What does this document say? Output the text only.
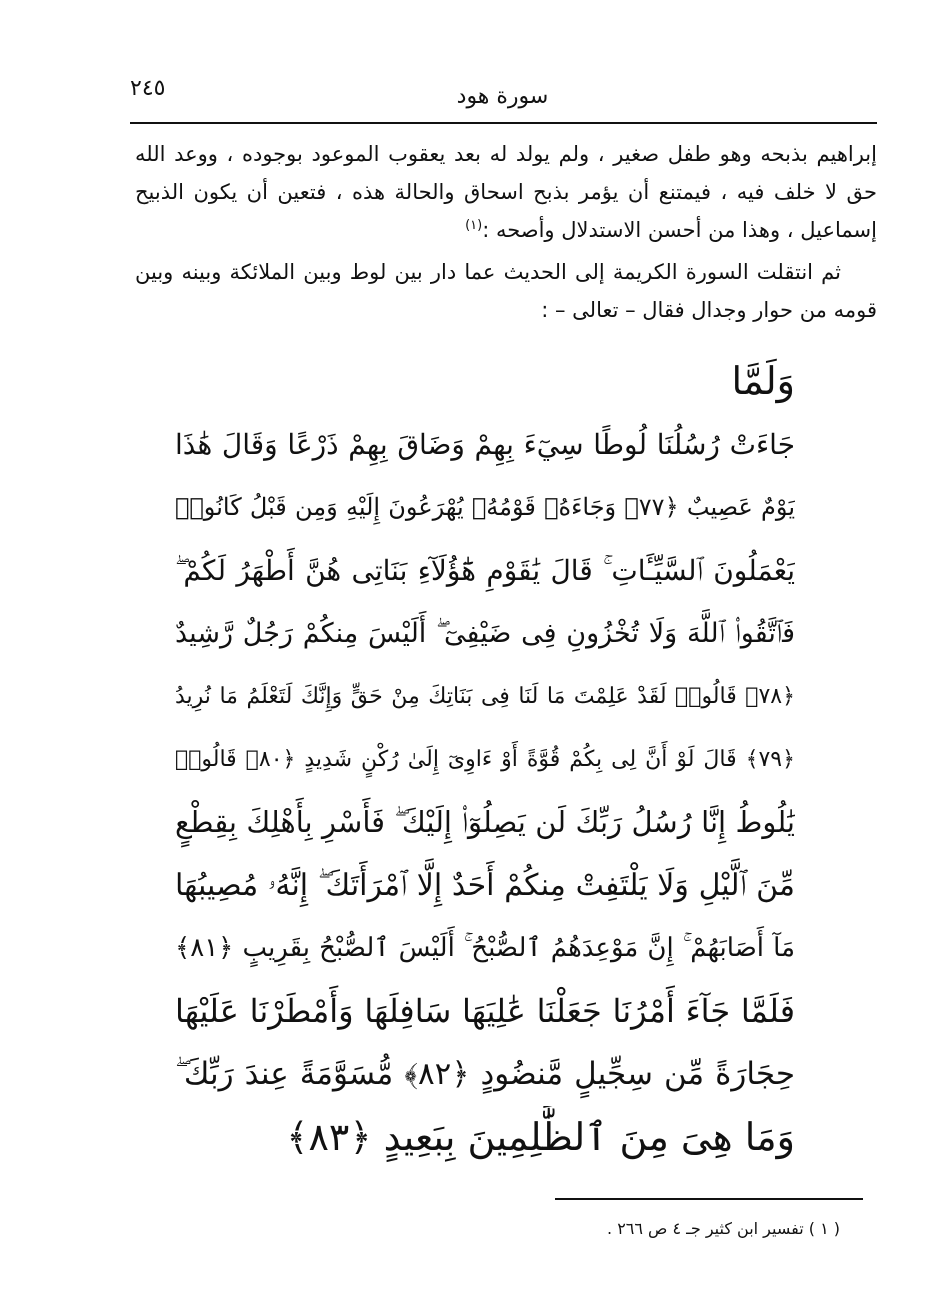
٢٤٥	سورة هود

إبراهيم بذبحه وهو طفل صغير ، ولم يولد له بعد يعقوب الموعود بوجوده ، ووعد الله حق لا خلف فيه ، فيمتنع أن يؤمر بذبح اسحاق والحالة هذه ، فتعين أن يكون الذبيح إسماعيل ، وهذا من أحسن الاستدلال وأصحه :$^{(١)}$

ثم انتقلت السورة الكريمة إلى الحديث عما دار بين لوط وبين الملائكة وبينه وبين قومه من حوار وجدال فقال – تعالى – :

وَلَمَّا
جَاءَتْ رُسُلُنَا لُوطًا سِيٓءَ بِهِمْ وَضَاقَ بِهِمْ ذَرْعًا وَقَالَ هَٰذَا
يَوْمٌ عَصِيبٌ ﴿٧٧﴾ وَجَاءَهُۥ قَوْمُهُۥ يُهْرَعُونَ إِلَيْهِ وَمِن قَبْلُ كَانُوا۟
يَعْمَلُونَ ٱلسَّيِّـَٔاتِ ۚ قَالَ يَٰقَوْمِ هَٰٓؤُلَآءِ بَنَاتِى هُنَّ أَطْهَرُ لَكُمْ ۖ
فَٱتَّقُوا۟ ٱللَّهَ وَلَا تُخْزُونِ فِى ضَيْفِىٓ ۖ أَلَيْسَ مِنكُمْ رَجُلٌ رَّشِيدٌ
﴿٧٨﴾ قَالُوا۟ لَقَدْ عَلِمْتَ مَا لَنَا فِى بَنَاتِكَ مِنْ حَقٍّ وَإِنَّكَ لَتَعْلَمُ مَا نُرِيدُ
﴿٧٩﴾ قَالَ لَوْ أَنَّ لِى بِكُمْ قُوَّةً أَوْ ءَاوِىٓ إِلَىٰ رُكْنٍ شَدِيدٍ ﴿٨٠﴾ قَالُوا۟
يَٰلُوطُ إِنَّا رُسُلُ رَبِّكَ لَن يَصِلُوٓا۟ إِلَيْكَ ۖ فَأَسْرِ بِأَهْلِكَ بِقِطْعٍ
مِّنَ ٱلَّيْلِ وَلَا يَلْتَفِتْ مِنكُمْ أَحَدٌ إِلَّا ٱمْرَأَتَكَ ۖ إِنَّهُۥ مُصِيبُهَا
مَآ أَصَابَهُمْ ۚ إِنَّ مَوْعِدَهُمُ ٱلصُّبْحُ ۚ أَلَيْسَ ٱلصُّبْحُ بِقَرِيبٍ ﴿٨١﴾
فَلَمَّا جَآءَ أَمْرُنَا جَعَلْنَا عَٰلِيَهَا سَافِلَهَا وَأَمْطَرْنَا عَلَيْهَا
حِجَارَةً مِّن سِجِّيلٍ مَّنضُودٍ ﴿٨٢﴾ مُّسَوَّمَةً عِندَ رَبِّكَ ۖ
وَمَا هِىَ مِنَ ٱلظَّٰلِمِينَ بِبَعِيدٍ ﴿٨٣﴾
( ١ ) تفسير ابن كثير جـ ٤ ص ٢٦٦ .
